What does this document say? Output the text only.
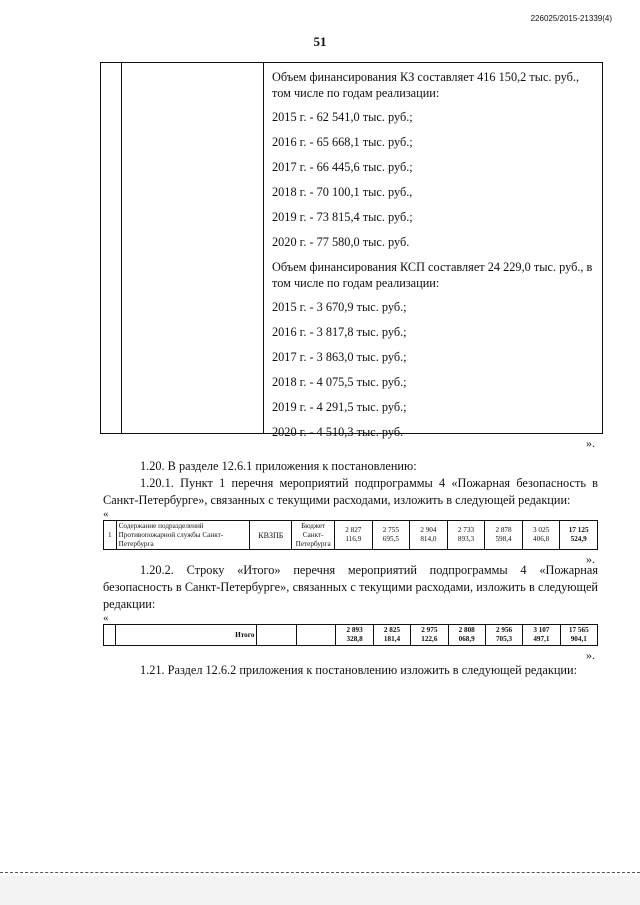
226025/2015-21339(4)
51

Объем финансирования КЗ составляет 416 150,2 тыс. руб., том числе по годам реализации:

2015 г. - 62 541,0 тыс. руб.;

2016 г. - 65 668,1 тыс. руб.;

2017 г. - 66 445,6 тыс. руб.;

2018 г. - 70 100,1 тыс. руб.,

2019 г. - 73 815,4 тыс. руб.;

2020 г. - 77 580,0 тыс. руб.

Объем финансирования КСП составляет 24 229,0 тыс. руб., в том числе по годам реализации:

2015 г. - 3 670,9 тыс. руб.;

2016 г. - 3 817,8 тыс. руб.;

2017 г. - 3 863,0 тыс. руб.;

2018 г. - 4 075,5 тыс. руб.;

2019 г. - 4 291,5 тыс. руб.;

2020 г. - 4 510,3 тыс. руб.

».
1.20. В разделе 12.6.1 приложения к постановлению:
1.20.1. Пункт 1 перечня мероприятий подпрограммы 4 «Пожарная безопасность в Санкт-Петербурге», связанных с текущими расходами, изложить в следующей редакции:
«
1	Содержание подразделений Противопожарной службы Санкт-Петербурга	КВЗПБ	Бюджет Санкт-Петербурга	2 827 116,9	2 755 695,5	2 904 814,0	2 733 893,3	2 878 598,4	3 025 406,8	17 125 524,9
».
1.20.2. Строку «Итого» перечня мероприятий подпрограммы 4 «Пожарная безопасность в Санкт-Петербурге», связанных с текущими расходами, изложить в следующей редакции:
«
	Итого			2 893 328,8	2 825 181,4	2 975 122,6	2 808 068,9	2 956 705,3	3 107 497,1	17 565 904,1
».
1.21. Раздел 12.6.2 приложения к постановлению изложить в следующей редакции:
